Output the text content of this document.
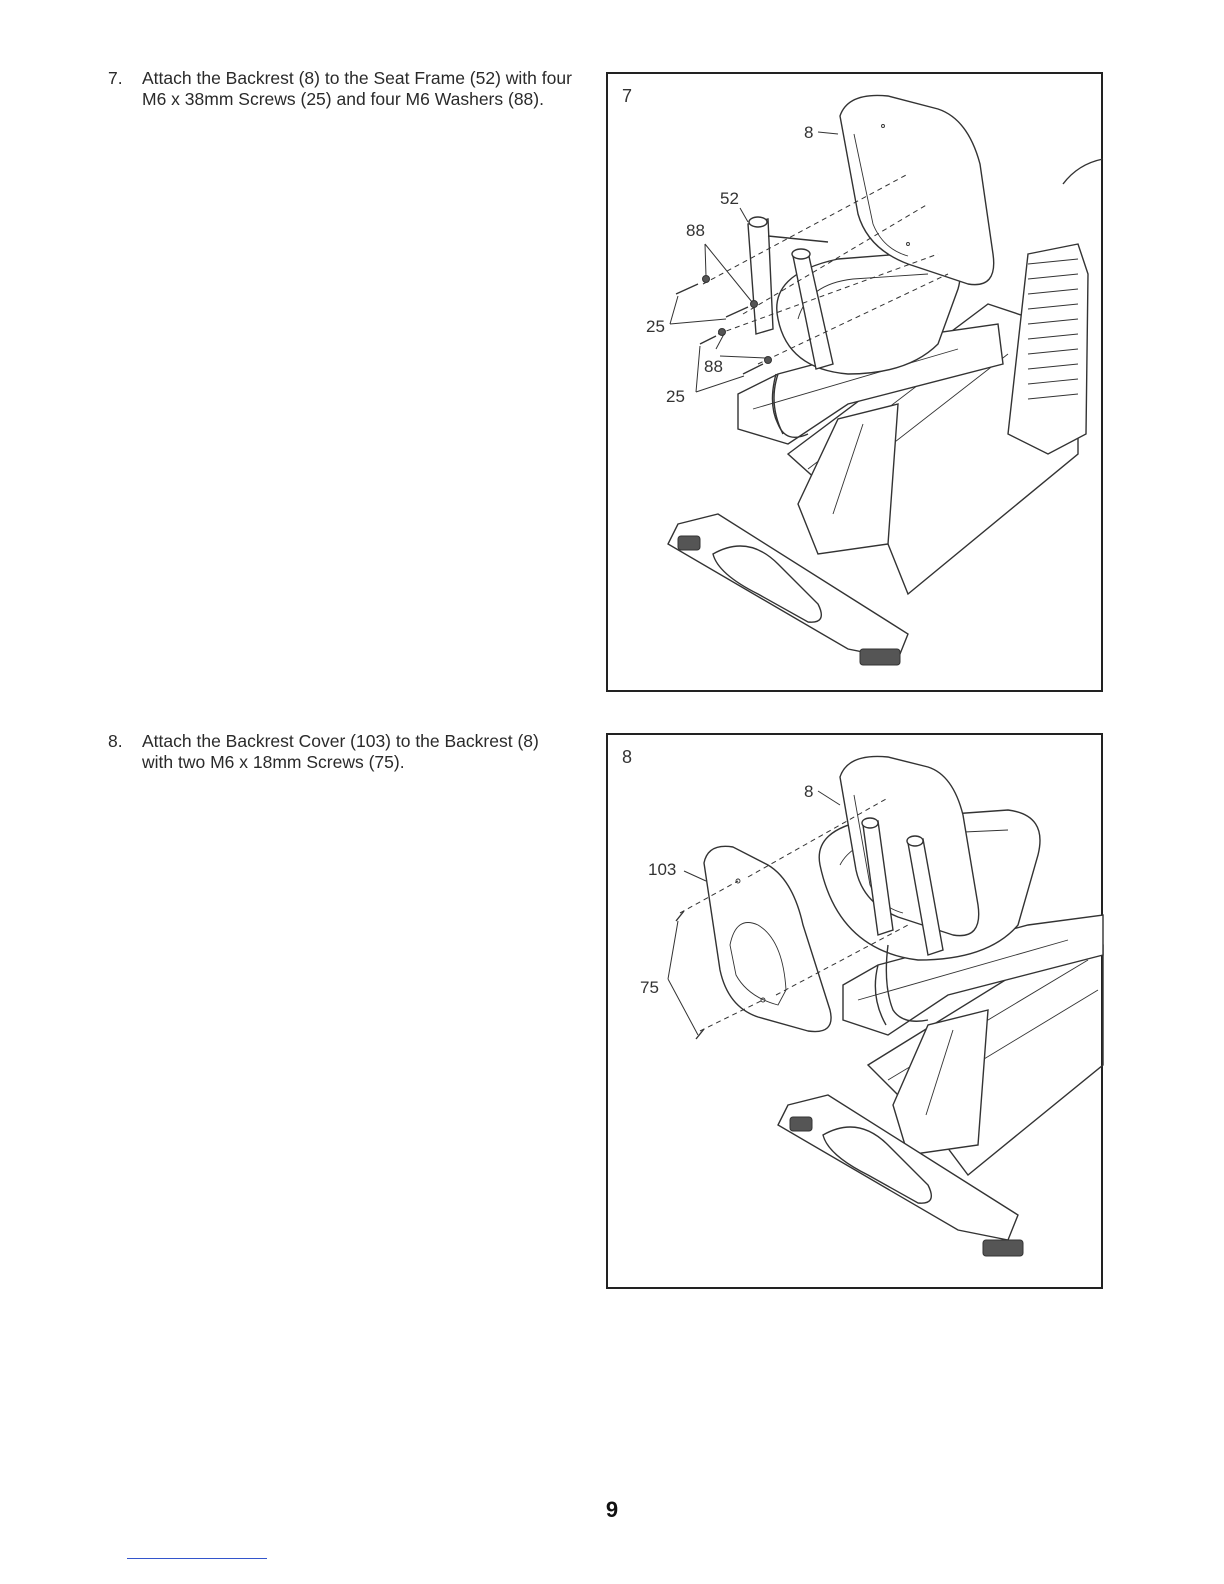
7. Attach the Backrest (8) to the Seat Frame (52) with four M6 x 38mm Screws (25) and four M6 Washers (88).	7
8
52
88
25
88
25
8. Attach the Backrest Cover (103) to the Backrest (8) with two M6 x 18mm Screws (75).	8
8
103
75
9
